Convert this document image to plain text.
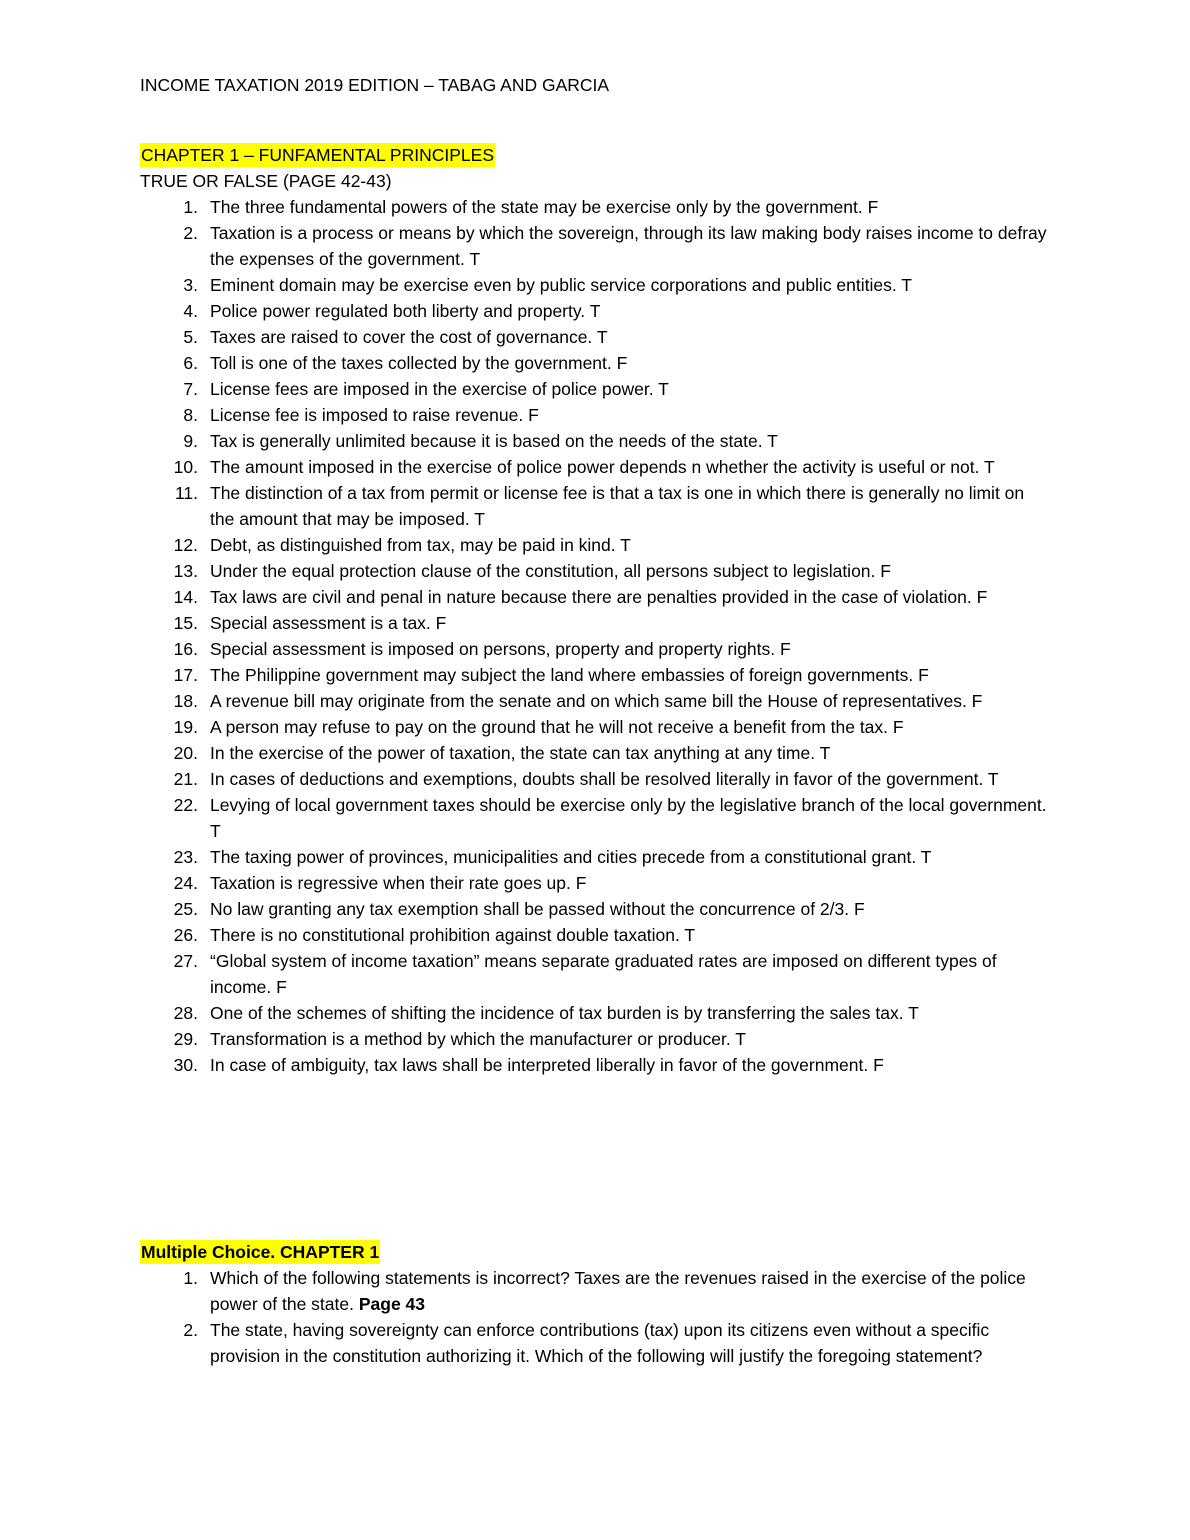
INCOME TAXATION 2019 EDITION – TABAG AND GARCIA
CHAPTER 1 – FUNFAMENTAL PRINCIPLES
TRUE OR FALSE (PAGE 42-43)
1. The three fundamental powers of the state may be exercise only by the government. F
2. Taxation is a process or means by which the sovereign, through its law making body raises income to defray the expenses of the government. T
3. Eminent domain may be exercise even by public service corporations and public entities. T
4. Police power regulated both liberty and property. T
5. Taxes are raised to cover the cost of governance. T
6. Toll is one of the taxes collected by the government. F
7. License fees are imposed in the exercise of police power. T
8. License fee is imposed to raise revenue. F
9. Tax is generally unlimited because it is based on the needs of the state. T
10. The amount imposed in the exercise of police power depends n whether the activity is useful or not. T
11. The distinction of a tax from permit or license fee is that a tax is one in which there is generally no limit on the amount that may be imposed. T
12. Debt, as distinguished from tax, may be paid in kind. T
13. Under the equal protection clause of the constitution, all persons subject to legislation. F
14. Tax laws are civil and penal in nature because there are penalties provided in the case of violation. F
15. Special assessment is a tax. F
16. Special assessment is imposed on persons, property and property rights. F
17. The Philippine government may subject the land where embassies of foreign governments. F
18. A revenue bill may originate from the senate and on which same bill the House of representatives. F
19. A person may refuse to pay on the ground that he will not receive a benefit from the tax. F
20. In the exercise of the power of taxation, the state can tax anything at any time. T
21. In cases of deductions and exemptions, doubts shall be resolved literally in favor of the government. T
22. Levying of local government taxes should be exercise only by the legislative branch of the local government. T
23. The taxing power of provinces, municipalities and cities precede from a constitutional grant. T
24. Taxation is regressive when their rate goes up. F
25. No law granting any tax exemption shall be passed without the concurrence of 2/3. F
26. There is no constitutional prohibition against double taxation. T
27. “Global system of income taxation” means separate graduated rates are imposed on different types of income. F
28. One of the schemes of shifting the incidence of tax burden is by transferring the sales tax. T
29. Transformation is a method by which the manufacturer or producer. T
30. In case of ambiguity, tax laws shall be interpreted liberally in favor of the government. F
Multiple Choice. CHAPTER 1
1. Which of the following statements is incorrect? Taxes are the revenues raised in the exercise of the police power of the state. Page 43
2. The state, having sovereignty can enforce contributions (tax) upon its citizens even without a specific provision in the constitution authorizing it. Which of the following will justify the foregoing statement?
